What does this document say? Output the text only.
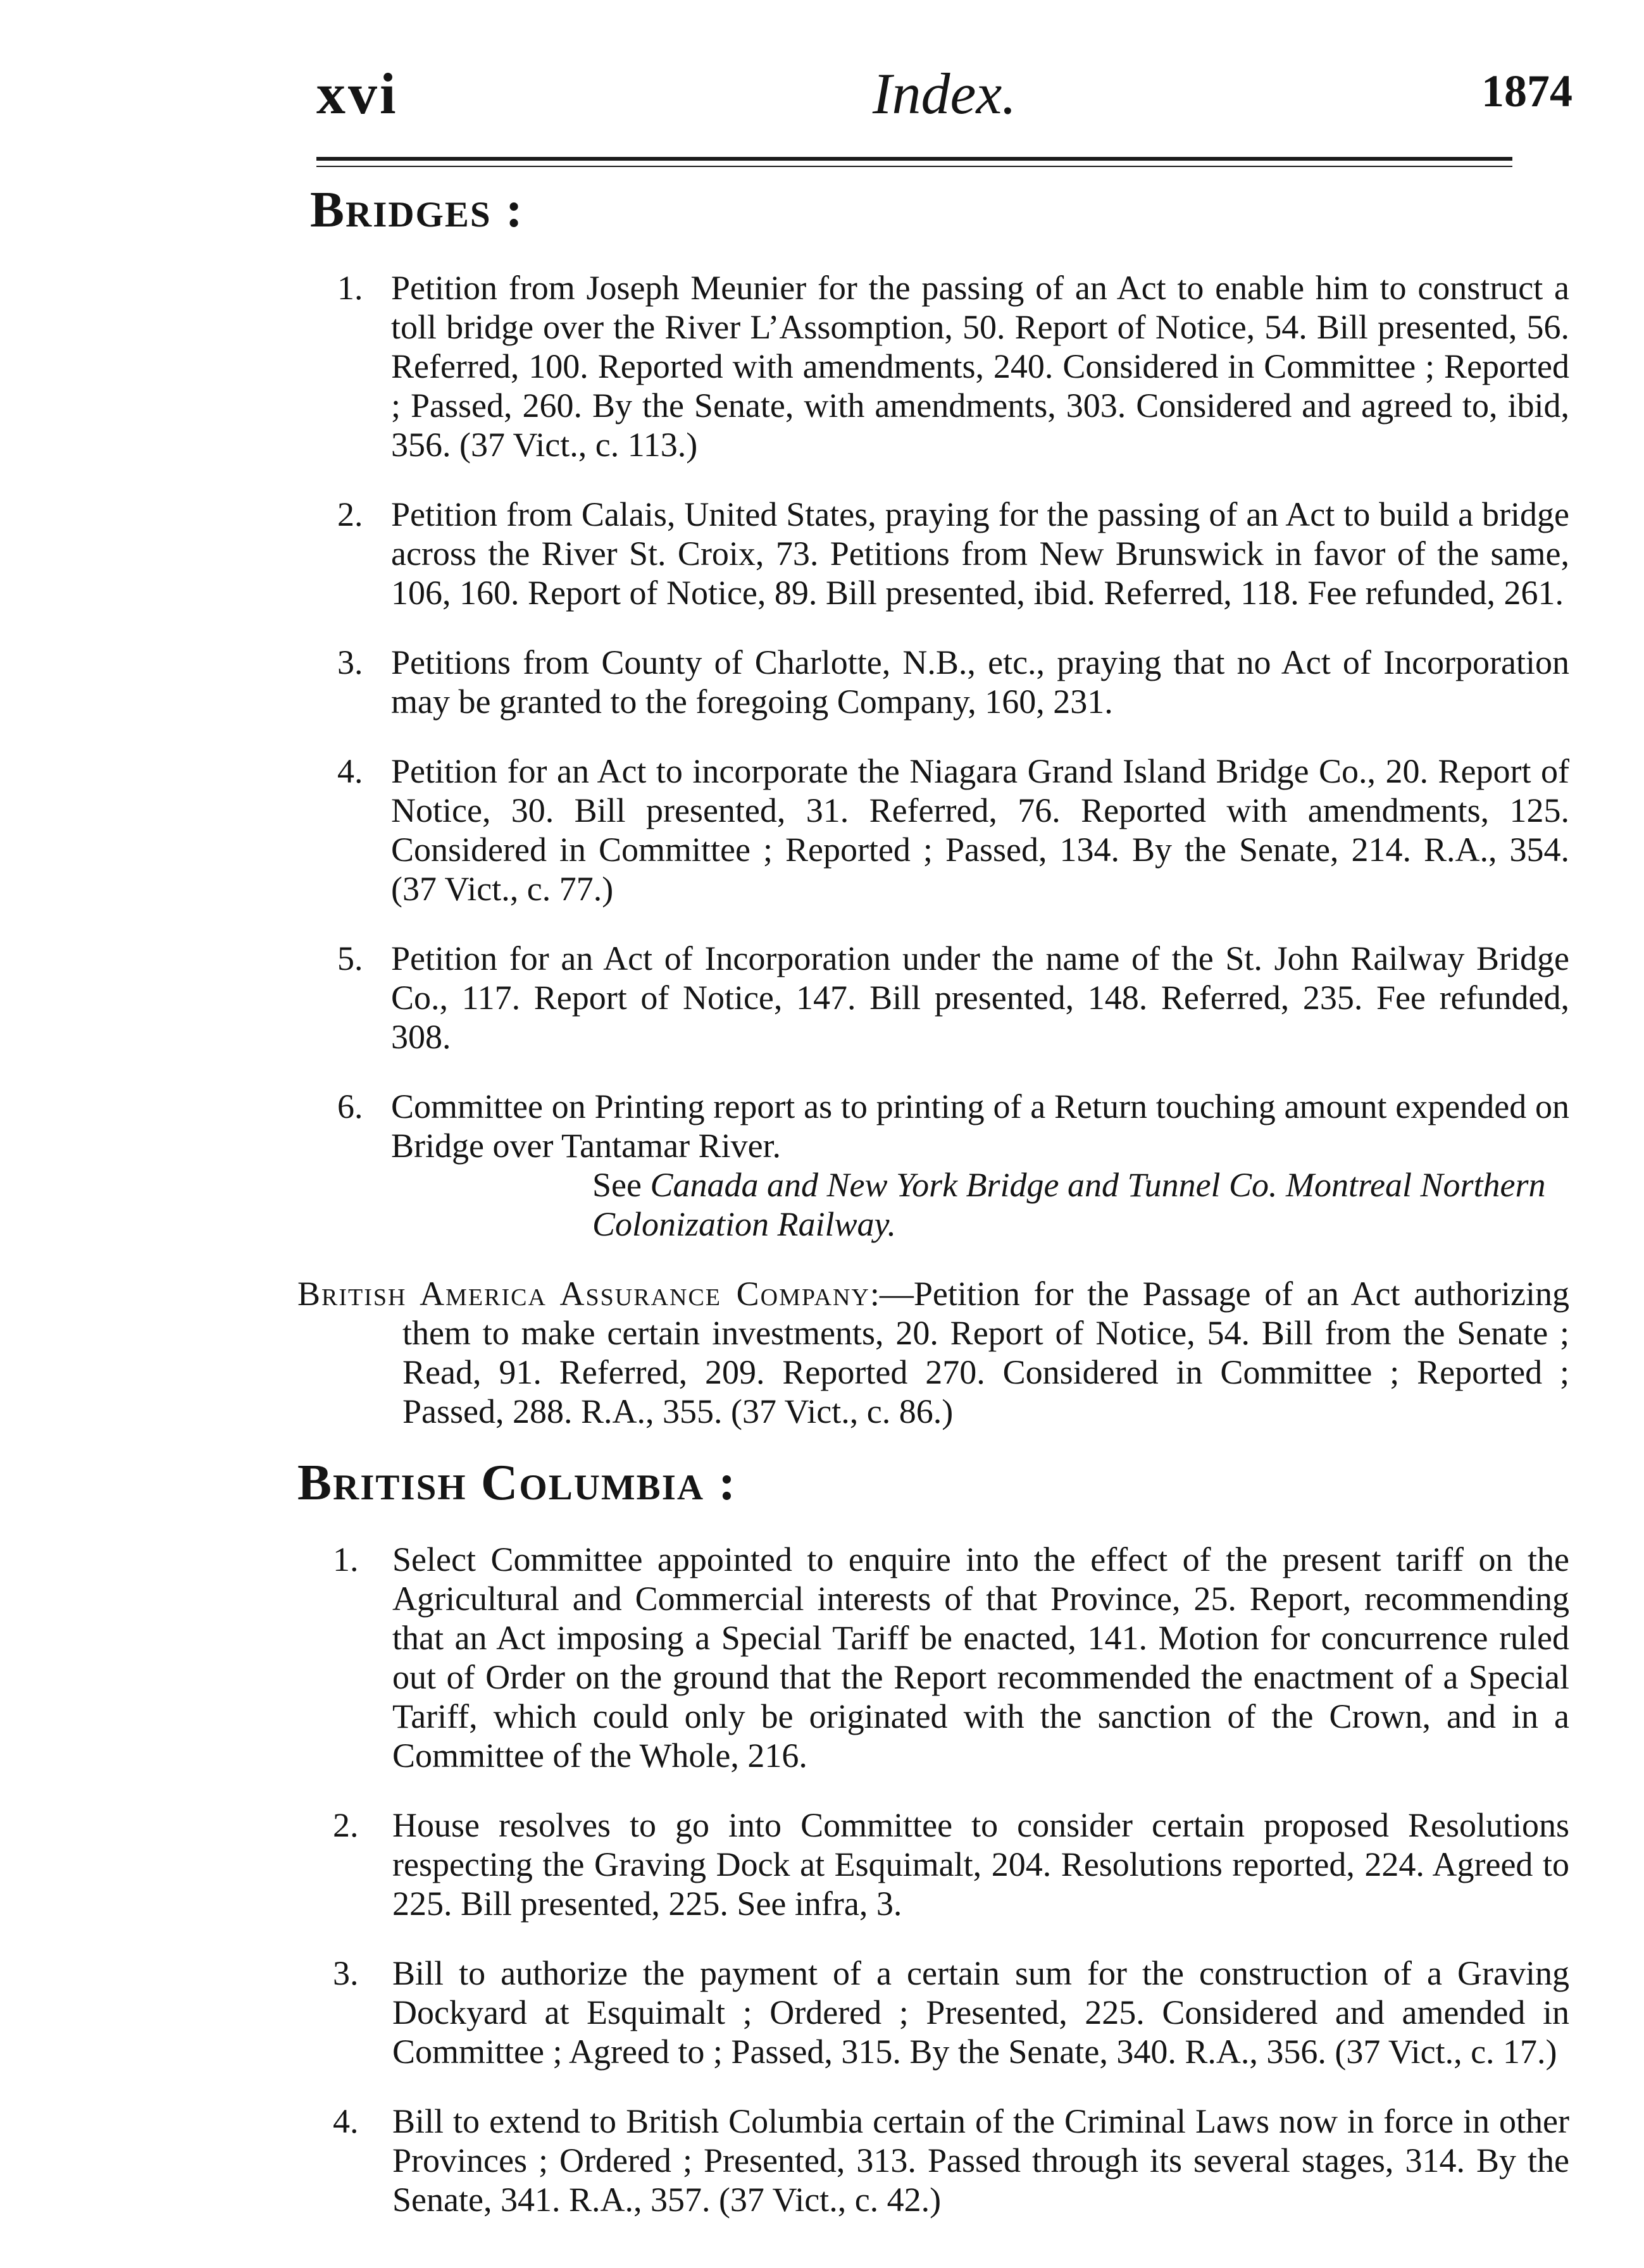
xvi	Index.	1874
Bridges :
1. Petition from Joseph Meunier for the passing of an Act to enable him to construct a toll bridge over the River L’Assomption, 50. Report of Notice, 54. Bill presented, 56. Referred, 100. Reported with amendments, 240. Considered in Committee ; Reported ; Passed, 260. By the Senate, with amendments, 303. Considered and agreed to, ibid, 356. (37 Vict., c. 113.)
2. Petition from Calais, United States, praying for the passing of an Act to build a bridge across the River St. Croix, 73. Petitions from New Brunswick in favor of the same, 106, 160. Report of Notice, 89. Bill presented, ibid. Referred, 118. Fee refunded, 261.
3. Petitions from County of Charlotte, N.B., etc., praying that no Act of Incorporation may be granted to the foregoing Company, 160, 231.
4. Petition for an Act to incorporate the Niagara Grand Island Bridge Co., 20. Report of Notice, 30. Bill presented, 31. Referred, 76. Reported with amendments, 125. Considered in Committee ; Reported ; Passed, 134. By the Senate, 214. R.A., 354. (37 Vict., c. 77.)
5. Petition for an Act of Incorporation under the name of the St. John Railway Bridge Co., 117. Report of Notice, 147. Bill presented, 148. Referred, 235. Fee refunded, 308.
6. Committee on Printing report as to printing of a Return touching amount expended on Bridge over Tantamar River.
See Canada and New York Bridge and Tunnel Co. Montreal Northern Colonization Railway.
British America Assurance Company:—Petition for the Passage of an Act authorizing them to make certain investments, 20. Report of Notice, 54. Bill from the Senate ; Read, 91. Referred, 209. Reported 270. Considered in Committee ; Reported ; Passed, 288. R.A., 355. (37 Vict., c. 86.)
British Columbia :
1. Select Committee appointed to enquire into the effect of the present tariff on the Agricultural and Commercial interests of that Province, 25. Report, recommending that an Act imposing a Special Tariff be enacted, 141. Motion for concurrence ruled out of Order on the ground that the Report recommended the enactment of a Special Tariff, which could only be originated with the sanction of the Crown, and in a Committee of the Whole, 216.
2. House resolves to go into Committee to consider certain proposed Resolutions respecting the Graving Dock at Esquimalt, 204. Resolutions reported, 224. Agreed to 225. Bill presented, 225. See infra, 3.
3. Bill to authorize the payment of a certain sum for the construction of a Graving Dockyard at Esquimalt ; Ordered ; Presented, 225. Considered and amended in Committee ; Agreed to ; Passed, 315. By the Senate, 340. R.A., 356. (37 Vict., c. 17.)
4. Bill to extend to British Columbia certain of the Criminal Laws now in force in other Provinces ; Ordered ; Presented, 313. Passed through its several stages, 314. By the Senate, 341. R.A., 357. (37 Vict., c. 42.)
